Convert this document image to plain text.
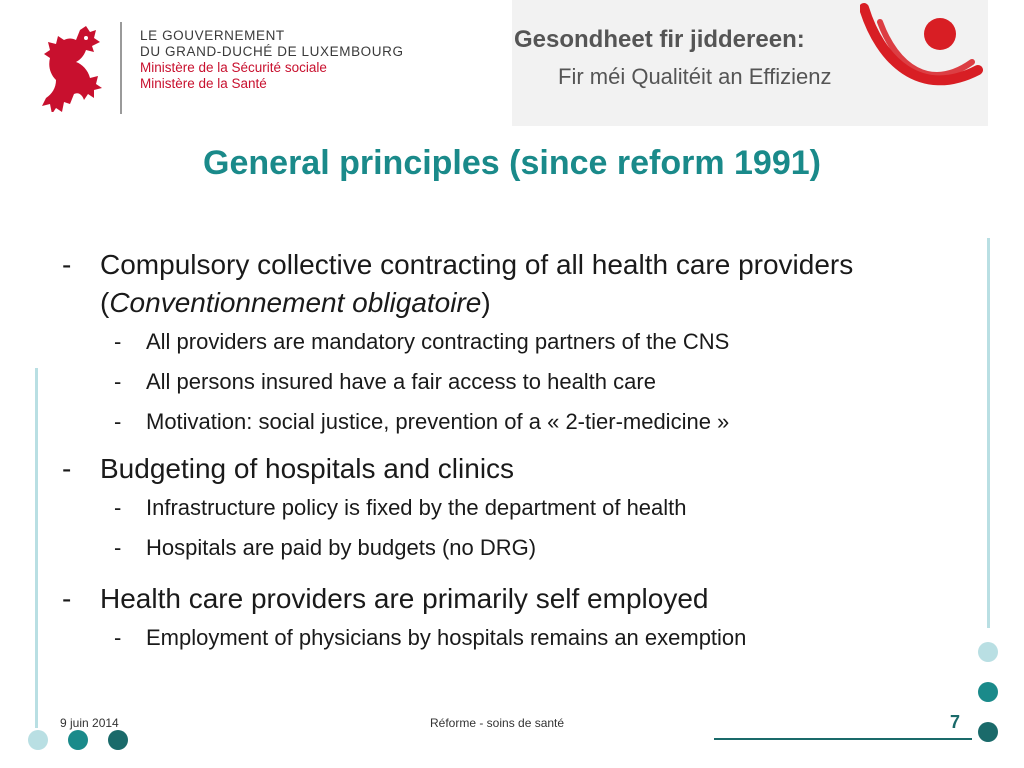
LE GOUVERNEMENT
DU GRAND-DUCHÉ DE LUXEMBOURG
Ministère de la Sécurité sociale
Ministère de la Santé
Gesondheet fir jiddereen:
Fir méi Qualitéit an Effizienz
General principles (since reform 1991)
- Compulsory collective contracting of all health care providers (Conventionnement obligatoire)
- All providers are mandatory contracting partners of the CNS
- All persons insured have a fair access to health care
- Motivation: social justice, prevention of a « 2-tier-medicine »
- Budgeting of hospitals and clinics
- Infrastructure policy is fixed by the department of health
- Hospitals are paid by budgets (no DRG)
- Health care providers are primarily self employed
- Employment of physicians by hospitals remains an exemption
9 juin 2014	Réforme - soins de santé	7
